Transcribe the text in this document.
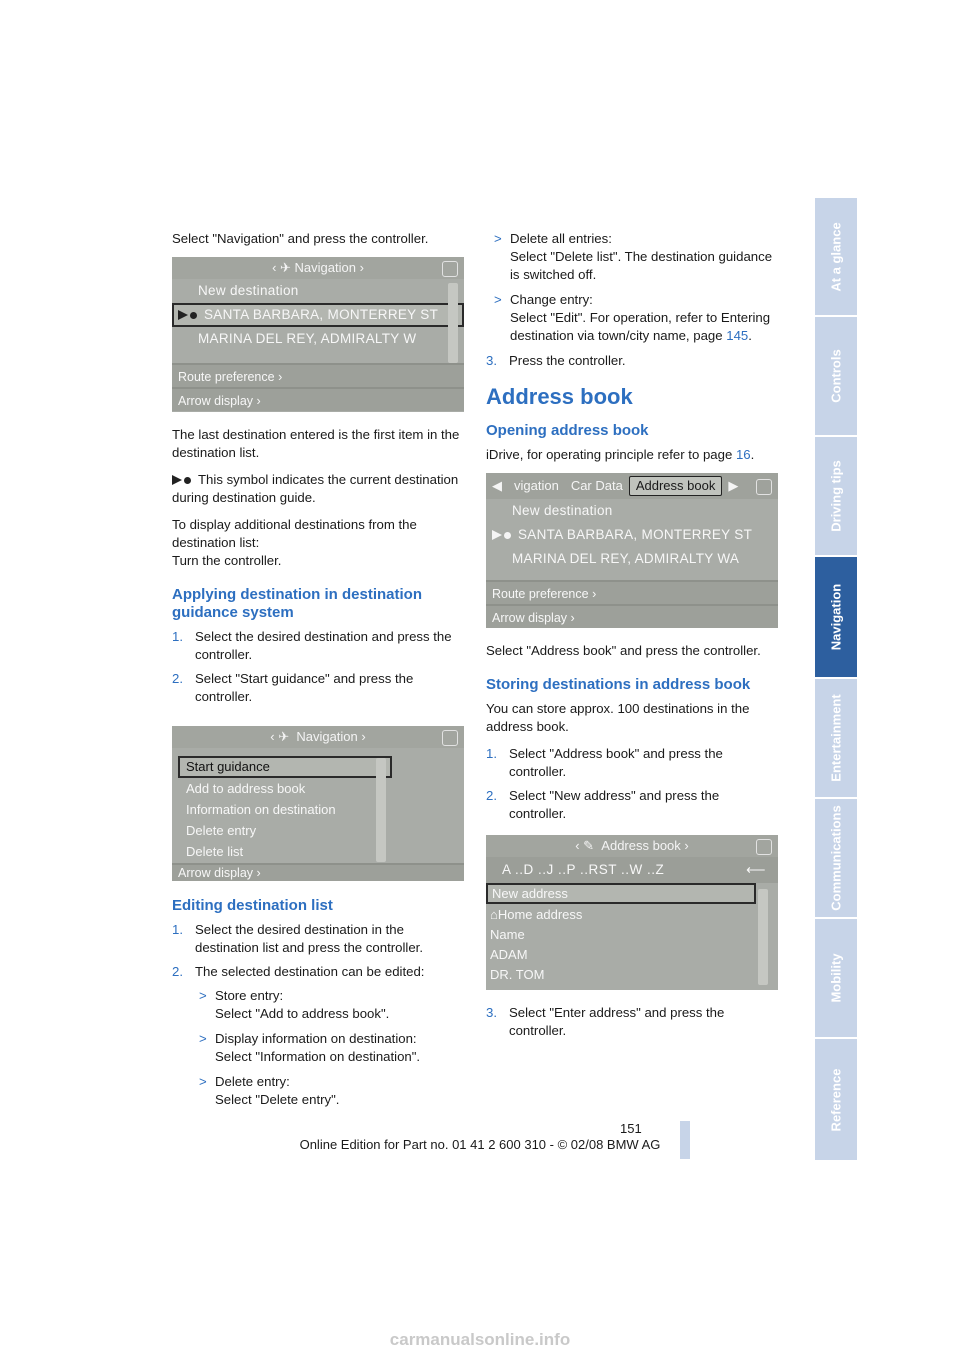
Select "Navigation" and press the controller.

‹ ✈
Navigation ›
New destination
SANTA BARBARA, MONTERREY ST
MARINA DEL REY, ADMIRALTY W
Route preference ›
Arrow display ›

The last destination entered is the first item in the destination list.

This symbol indicates the current destination during destination guide.

To display additional destinations from the destination list:

Turn the controller.

Applying destination in destination guidance system
1. Select the desired destination and press the controller.
2. Select "Start guidance" and press the controller.
‹ ✈ Navigation ›
Start guidance
Add to address book
Information on destination
Delete entry
Delete list
Arrow display ›
Editing destination list
1. Select the desired destination in the destination list and press the controller.
2. The selected destination can be edited:
> Store entry:
Select "Add to address book".
> Display information on destination:
Select "Information on destination".
> Delete entry:
Select "Delete entry".
> Delete all entries:
Select "Delete list". The destination guidance is switched off.
> Change entry:
Select "Edit". For operation, refer to Entering destination via town/city name, page 145.
3. Press the controller.
Address book
Opening address book

iDrive, for operating principle refer to page 16.

◀ vigation Car Data	Address book	▶
New destination
SANTA BARBARA, MONTERREY ST
MARINA DEL REY, ADMIRALTY WA
Route preference ›
Arrow display ›

Select "Address book" and press the controller.

Storing destinations in address book

You can store approx. 100 destinations in the address book.

1. Select "Address book" and press the controller.
2. Select "New address" and press the controller.
‹ ✎ Address book ›
A ..D ..J ..P ..RST ..W ..Z	⟵
New address
⌂Home address
Name
ADAM
DR. TOM
3. Select "Enter address" and press the controller.
At a glance
Controls
Driving tips
Navigation
Entertainment
Communications
Mobility
Reference
151
Online Edition for Part no. 01 41 2 600 310 - © 02/08 BMW AG
carmanualsonline.info
